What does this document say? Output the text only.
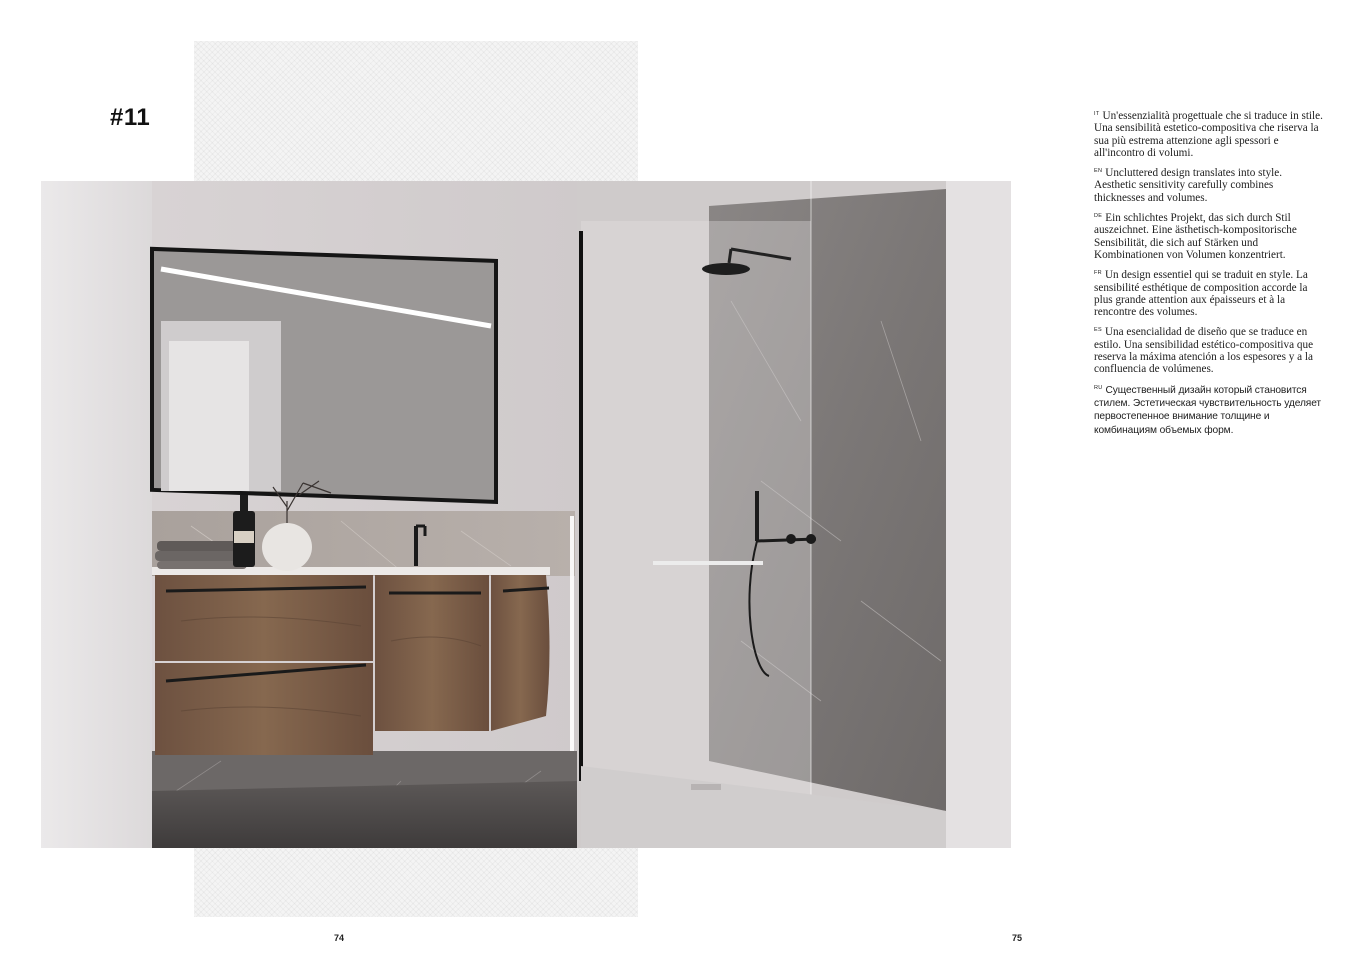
#11	$^{IT}$ Un'essenzialità progettuale che si traduce in stile. Una sensibilità estetico-compositiva che riserva la sua più estrema attenzione agli spessori e all'incontro di volumi.

$^{EN}$ Uncluttered design translates into style. Aesthetic sensitivity carefully combines thicknesses and volumes.

$^{DE}$ Ein schlichtes Projekt, das sich durch Stil auszeichnet. Eine ästhetisch-kompositorische Sensibilität, die sich auf Stärken und Kombinationen von Volumen konzentriert.

$^{FR}$ Un design essentiel qui se traduit en style. La sensibilité esthétique de composition accorde la plus grande attention aux épaisseurs et à la rencontre des volumes.

$^{ES}$ Una esencialidad de diseño que se traduce en estilo. Una sensibilidad estético-compositiva que reserva la máxima atención a los espesores y a la confluencia de volúmenes.

$^{RU}$ Существенный дизайн который становится стилем. Эстетическая чувствительность уделяет первостепенное внимание толщине и комбинациям объемых форм.

74	75
